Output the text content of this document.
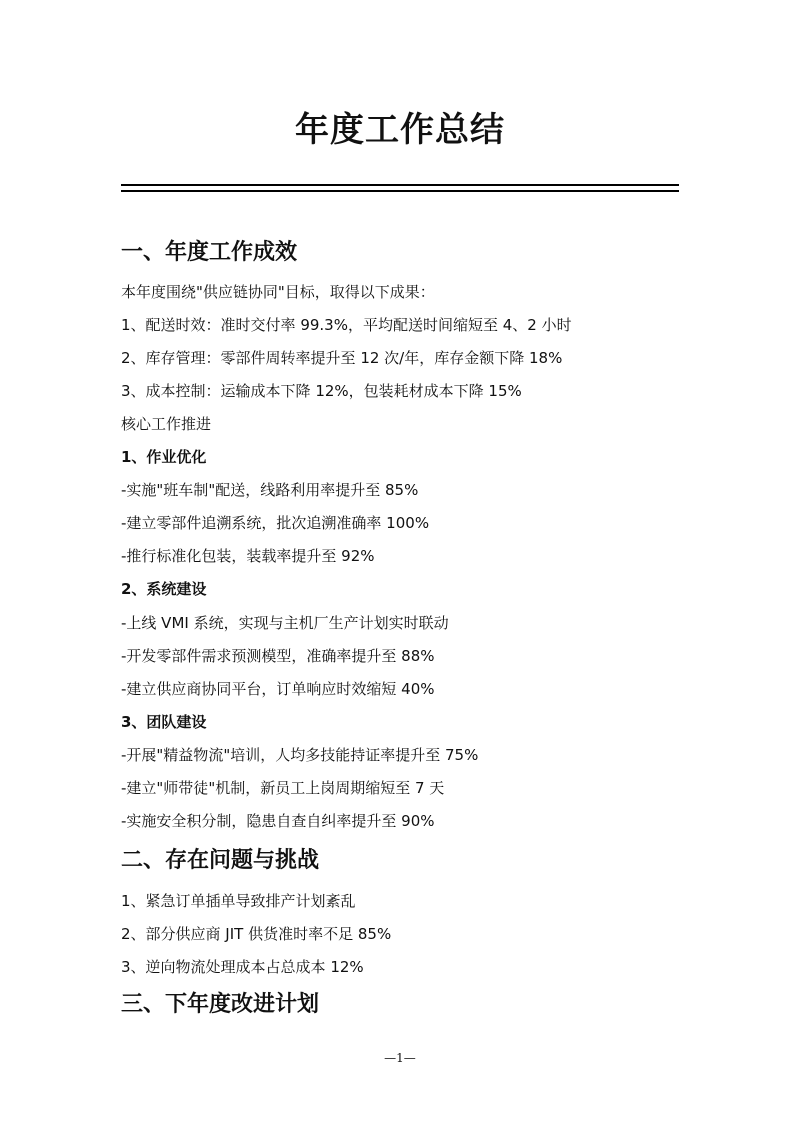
年度工作总结
一、年度工作成效
本年度围绕"供应链协同"目标，取得以下成果：
1、配送时效：准时交付率 99.3%，平均配送时间缩短至 4、2 小时
2、库存管理：零部件周转率提升至 12 次/年，库存金额下降 18%
3、成本控制：运输成本下降 12%，包装耗材成本下降 15%
核心工作推进
1、作业优化
-实施"班车制"配送，线路利用率提升至 85%
-建立零部件追溯系统，批次追溯准确率 100%
-推行标准化包装，装载率提升至 92%
2、系统建设
-上线 VMI 系统，实现与主机厂生产计划实时联动
-开发零部件需求预测模型，准确率提升至 88%
-建立供应商协同平台，订单响应时效缩短 40%
3、团队建设
-开展"精益物流"培训，人均多技能持证率提升至 75%
-建立"师带徒"机制，新员工上岗周期缩短至 7 天
-实施安全积分制，隐患自查自纠率提升至 90%
二、存在问题与挑战
1、紧急订单插单导致排产计划紊乱
2、部分供应商 JIT 供货准时率不足 85%
3、逆向物流处理成本占总成本 12%
三、下年度改进计划
—1—
